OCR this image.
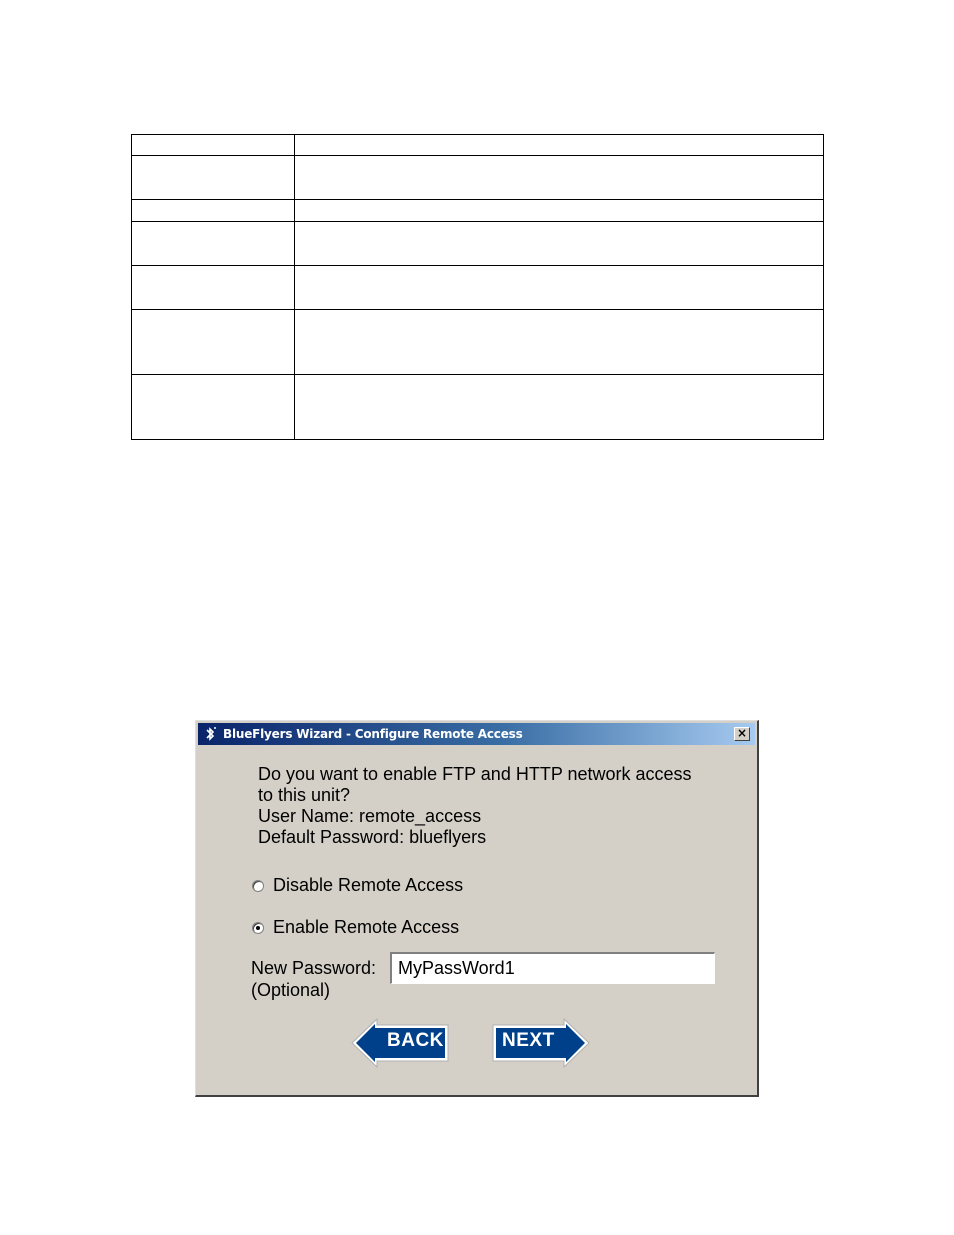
BlueFlyers Wizard - Configure Remote Access	×
Do you want to enable FTP and HTTP network access
to this unit?
User Name: remote_access
Default Password: blueflyers
Disable Remote Access
Enable Remote Access
New Password:
(Optional)
MyPassWord1
BACK	NEXT
